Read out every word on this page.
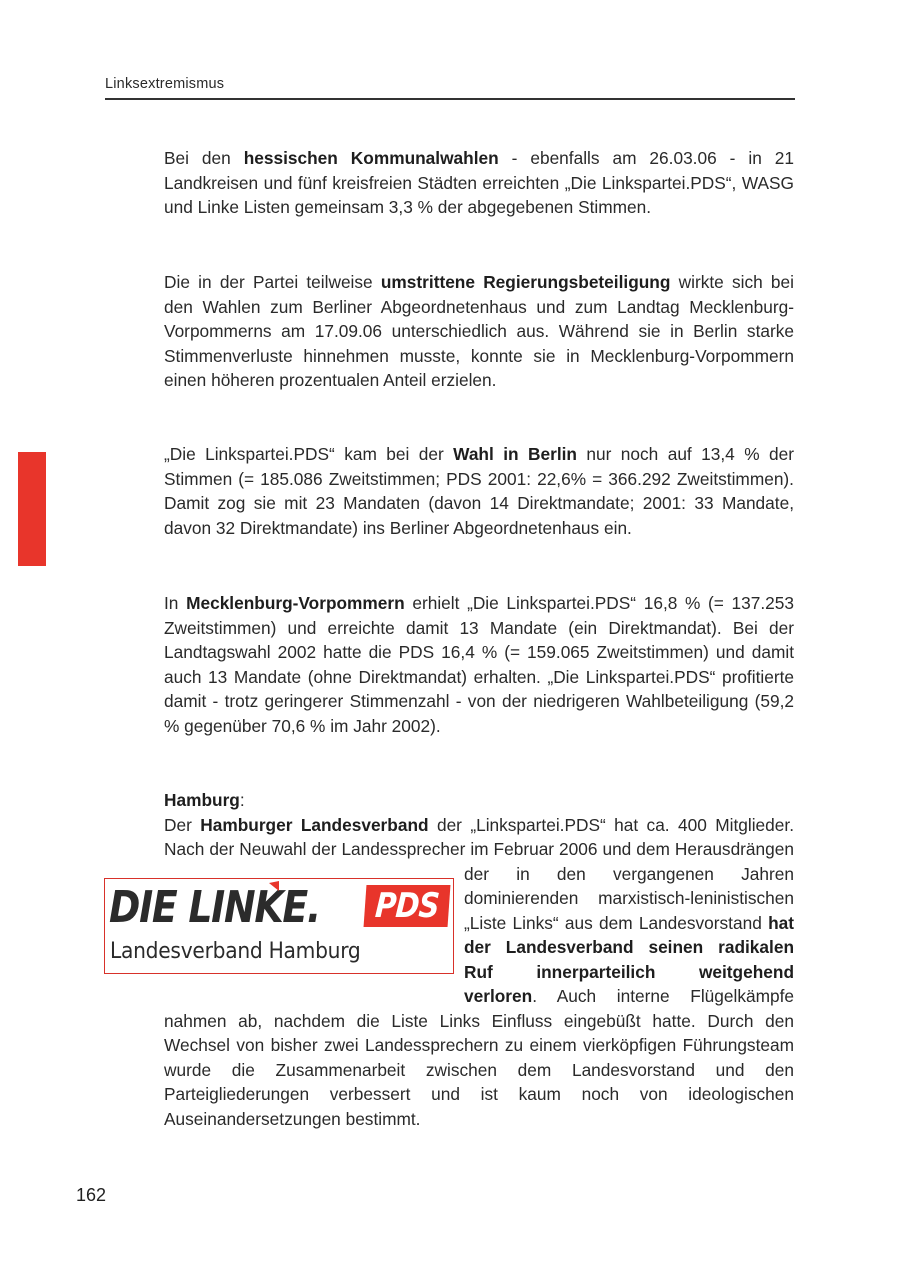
Linksextremismus
Bei den hessischen Kommunalwahlen - ebenfalls am 26.03.06 - in 21 Landkreisen und fünf kreisfreien Städten erreichten „Die Linkspartei.PDS“, WASG und Linke Listen gemeinsam 3,3 % der abgegebenen Stimmen.
Die in der Partei teilweise umstrittene Regierungsbeteiligung wirkte sich bei den Wahlen zum Berliner Abgeordnetenhaus und zum Landtag Mecklenburg-Vorpommerns am 17.09.06 unterschiedlich aus. Während sie in Berlin starke Stimmenverluste hinnehmen musste, konnte sie in Mecklenburg-Vorpommern einen höheren prozentualen Anteil erzielen.
„Die Linkspartei.PDS“ kam bei der Wahl in Berlin nur noch auf 13,4 % der Stimmen (= 185.086 Zweitstimmen; PDS 2001: 22,6% = 366.292 Zweitstimmen). Damit zog sie mit 23 Mandaten (davon 14 Direktmandate; 2001: 33 Mandate, davon 32 Direktmandate) ins Berliner Abgeordnetenhaus ein.
In Mecklenburg-Vorpommern erhielt „Die Linkspartei.PDS“ 16,8 % (= 137.253 Zweitstimmen) und erreichte damit 13 Mandate (ein Direktmandat). Bei der Landtagswahl 2002 hatte die PDS 16,4 % (= 159.065 Zweitstimmen) und damit auch 13 Mandate (ohne Direktmandat) erhalten. „Die Linkspartei.PDS“ profitierte damit - trotz geringerer Stimmenzahl - von der niedrigeren Wahlbeteiligung (59,2 % gegenüber 70,6 % im Jahr 2002).
Hamburg:
Der Hamburger Landesverband der „Linkspartei.PDS“ hat ca. 400 Mitglieder. Nach der Neuwahl der Landessprecher im Februar 2006 und dem Herausdrängen der in den vergangenen Jahren dominierenden marxistisch-leninistischen „Liste Links“ aus dem Landesvorstand hat der Landesverband seinen radikalen Ruf innerparteilich weitgehend verloren. Auch interne Flügelkämpfe nahmen ab, nachdem die Liste Links Einfluss eingebüßt hatte. Durch den Wechsel von bisher zwei Landessprechern zu einem vierköpfigen Führungsteam wurde die Zusammenarbeit zwischen dem Landesvorstand und den Parteigliederungen verbessert und ist kaum noch von ideologischen Auseinandersetzungen bestimmt.
DIE LINKE. PDS
Landesverband Hamburg
162
